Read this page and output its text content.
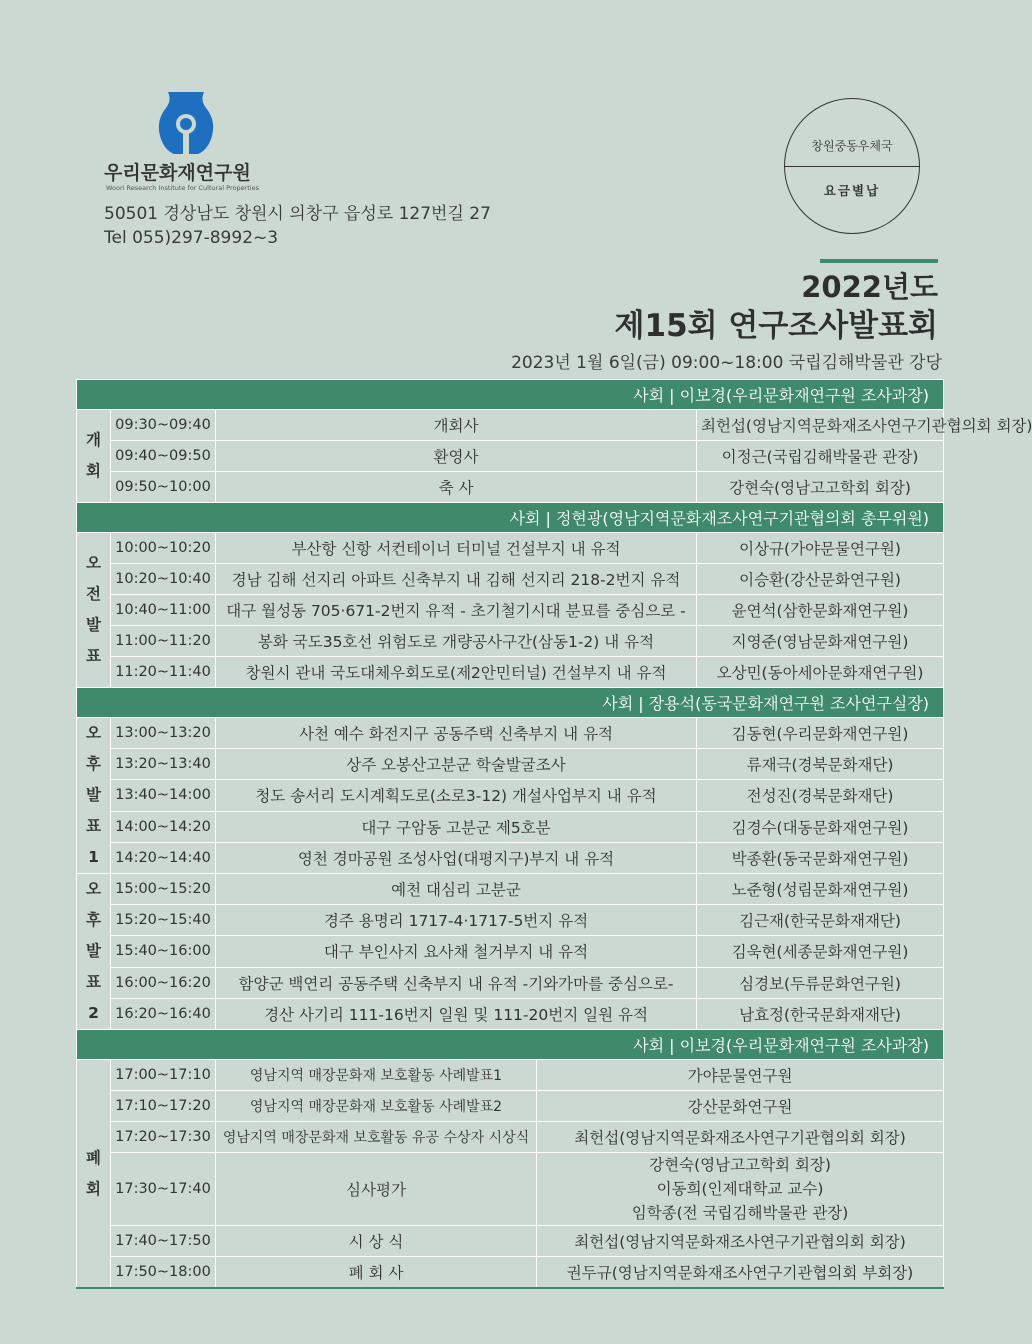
우리문화재연구원
Woori Research Institute for Cultural Properties
50501 경상남도 창원시 의창구 읍성로 127번길 27
Tel 055)297-8992~3
창원중동우체국
요금별납
2022년도
제15회 연구조사발표회
2023년 1월 6일(금) 09:00~18:00 국립김해박물관 강당
사회 | 이보경(우리문화재연구원 조사과장)				
개
회	09:30~09:40	개회사		최헌섭(영남지역문화재조사연구기관협의회 회장)
	09:40~09:50	환영사		이정근(국립김해박물관 관장)
	09:50~10:00	축 사		강현숙(영남고고학회 회장)
사회 | 정현광(영남지역문화재조사연구기관협의회 총무위원)				
오
전
발
표	10:00~10:20	부산항 신항 서컨테이너 터미널 건설부지 내 유적		이상규(가야문물연구원)
	10:20~10:40	경남 김해 선지리 아파트 신축부지 내 김해 선지리 218-2번지 유적		이승환(강산문화연구원)
	10:40~11:00	대구 월성동 705·671-2번지 유적 - 초기철기시대 분묘를 중심으로 -		윤연석(삼한문화재연구원)
	11:00~11:20	봉화 국도35호선 위험도로 개량공사구간(삼동1-2) 내 유적		지영준(영남문화재연구원)
	11:20~11:40	창원시 관내 국도대체우회도로(제2안민터널) 건설부지 내 유적		오상민(동아세아문화재연구원)
사회 | 장용석(동국문화재연구원 조사연구실장)				
오
후
발
표
1	13:00~13:20	사천 예수 화전지구 공동주택 신축부지 내 유적		김동현(우리문화재연구원)
	13:20~13:40	상주 오봉산고분군 학술발굴조사		류재극(경북문화재단)
	13:40~14:00	청도 송서리 도시계획도로(소로3-12) 개설사업부지 내 유적		전성진(경북문화재단)
	14:00~14:20	대구 구암동 고분군 제5호분		김경수(대동문화재연구원)
	14:20~14:40	영천 경마공원 조성사업(대평지구)부지 내 유적		박종환(동국문화재연구원)
오
후
발
표
2	15:00~15:20	예천 대심리 고분군		노준형(성림문화재연구원)
	15:20~15:40	경주 용명리 1717-4·1717-5번지 유적		김근재(한국문화재재단)
	15:40~16:00	대구 부인사지 요사채 철거부지 내 유적		김욱현(세종문화재연구원)
	16:00~16:20	함양군 백연리 공동주택 신축부지 내 유적 -기와가마를 중심으로-		심경보(두류문화연구원)
	16:20~16:40	경산 사기리 111-16번지 일원 및 111-20번지 일원 유적		남효정(한국문화재재단)
사회 | 이보경(우리문화재연구원 조사과장)				
폐
회	17:00~17:10	영남지역 매장문화재 보호활동 사례발표1	가야문물연구원	
	17:10~17:20	영남지역 매장문화재 보호활동 사례발표2	강산문화연구원	
	17:20~17:30	영남지역 매장문화재 보호활동 유공 수상자 시상식	최헌섭(영남지역문화재조사연구기관협의회 회장)	
	17:30~17:40	심사평가	강현숙(영남고고학회 회장)
이동희(인제대학교 교수)
임학종(전 국립김해박물관 관장)	

	17:40~17:50	시 상 식	최헌섭(영남지역문화재조사연구기관협의회 회장)	
	17:50~18:00	폐 회 사	권두규(영남지역문화재조사연구기관협의회 부회장)	
